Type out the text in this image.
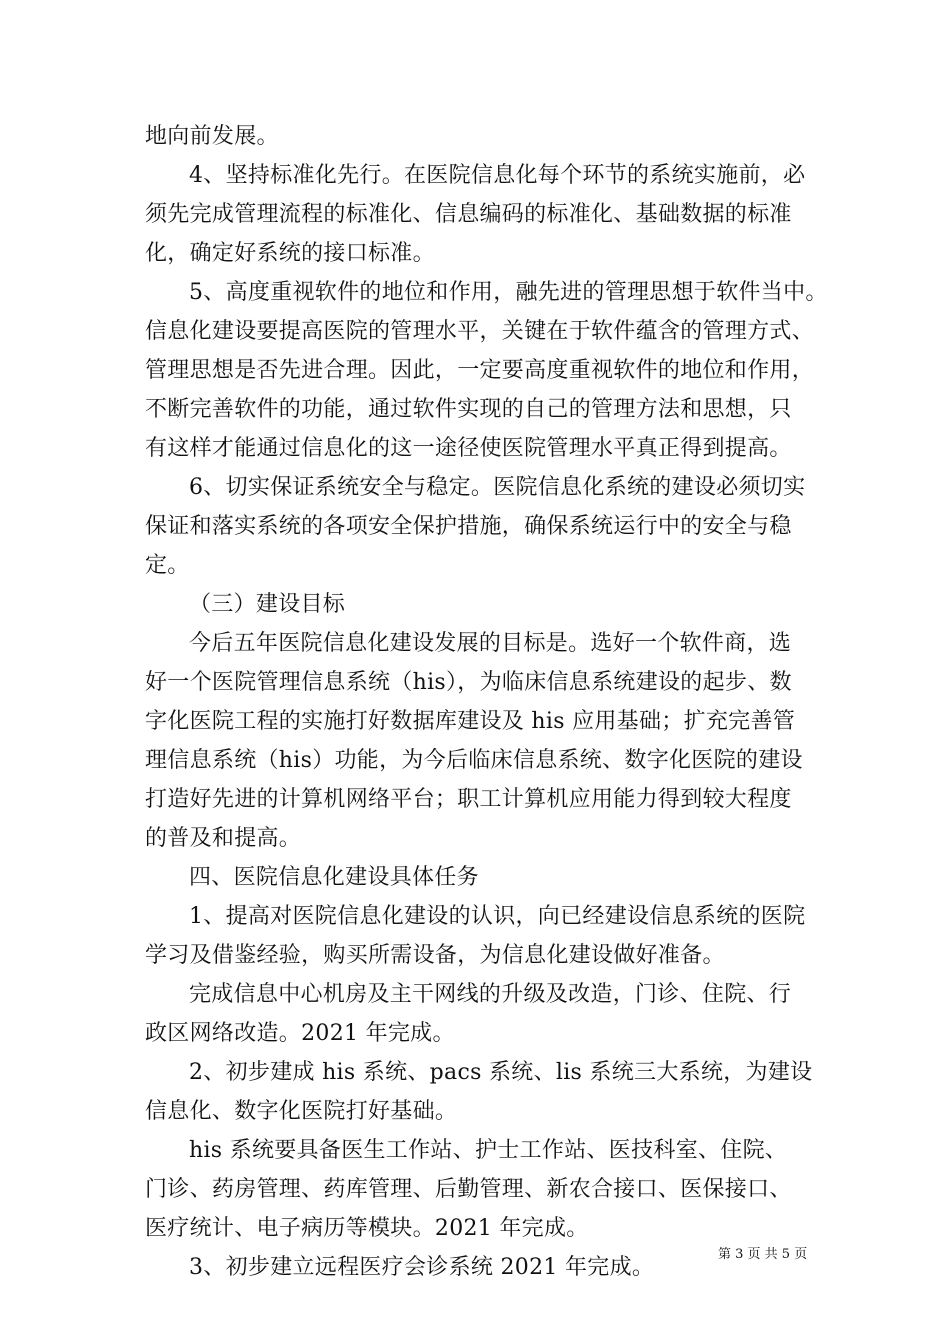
地向前发展。
4、坚持标准化先行。在医院信息化每个环节的系统实施前，必
须先完成管理流程的标准化、信息编码的标准化、基础数据的标准
化，确定好系统的接口标准。
5、高度重视软件的地位和作用，融先进的管理思想于软件当中。
信息化建设要提高医院的管理水平，关键在于软件蕴含的管理方式、
管理思想是否先进合理。因此，一定要高度重视软件的地位和作用，
不断完善软件的功能，通过软件实现的自己的管理方法和思想，只
有这样才能通过信息化的这一途径使医院管理水平真正得到提高。
6、切实保证系统安全与稳定。医院信息化系统的建设必须切实
保证和落实系统的各项安全保护措施，确保系统运行中的安全与稳
定。
（三）建设目标
今后五年医院信息化建设发展的目标是。选好一个软件商，选
好一个医院管理信息系统（his），为临床信息系统建设的起步、数
字化医院工程的实施打好数据库建设及 his 应用基础；扩充完善管
理信息系统（his）功能，为今后临床信息系统、数字化医院的建设
打造好先进的计算机网络平台；职工计算机应用能力得到较大程度
的普及和提高。
四、医院信息化建设具体任务
1、提高对医院信息化建设的认识，向已经建设信息系统的医院
学习及借鉴经验，购买所需设备，为信息化建设做好准备。
完成信息中心机房及主干网线的升级及改造，门诊、住院、行
政区网络改造。2021 年完成。
2、初步建成 his 系统、pacs 系统、lis 系统三大系统，为建设
信息化、数字化医院打好基础。
his 系统要具备医生工作站、护士工作站、医技科室、住院、
门诊、药房管理、药库管理、后勤管理、新农合接口、医保接口、
医疗统计、电子病历等模块。2021 年完成。
3、初步建立远程医疗会诊系统 2021 年完成。
第 3 页 共 5 页
